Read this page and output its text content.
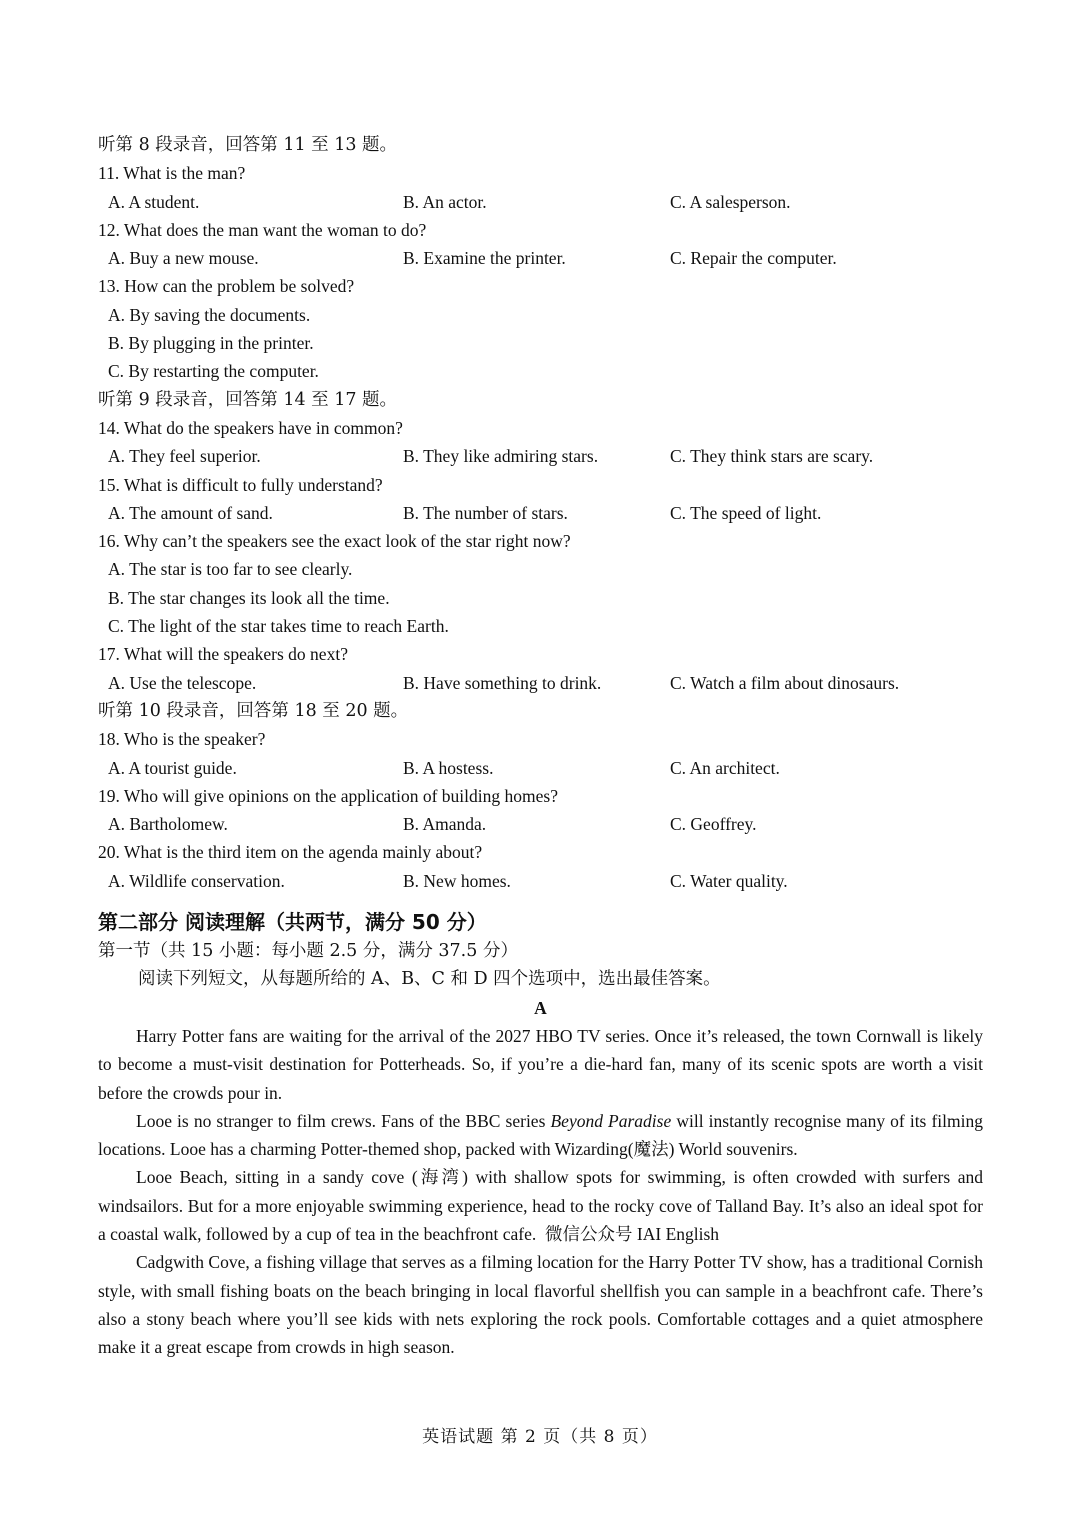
听第 8 段录音，回答第 11 至 13 题。
11. What is the man?
A. A student.	B. An actor.	C. A salesperson.
12. What does the man want the woman to do?
A. Buy a new mouse.	B. Examine the printer.	C. Repair the computer.
13. How can the problem be solved?
A. By saving the documents.
B. By plugging in the printer.
C. By restarting the computer.
听第 9 段录音，回答第 14 至 17 题。
14. What do the speakers have in common?
A. They feel superior.	B. They like admiring stars.	C. They think stars are scary.
15. What is difficult to fully understand?
A. The amount of sand.	B. The number of stars.	C. The speed of light.
16. Why can’t the speakers see the exact look of the star right now?
A. The star is too far to see clearly.
B. The star changes its look all the time.
C. The light of the star takes time to reach Earth.
17. What will the speakers do next?
A. Use the telescope.	B. Have something to drink.	C. Watch a film about dinosaurs.
听第 10 段录音，回答第 18 至 20 题。
18. Who is the speaker?
A. A tourist guide.	B. A hostess.	C. An architect.
19. Who will give opinions on the application of building homes?
A. Bartholomew.	B. Amanda.	C. Geoffrey.
20. What is the third item on the agenda mainly about?
A. Wildlife conservation.	B. New homes.	C. Water quality.
第二部分 阅读理解（共两节，满分 50 分）
第一节（共 15 小题：每小题 2.5 分，满分 37.5 分）
阅读下列短文，从每题所给的 A、B、C 和 D 四个选项中，选出最佳答案。
A

Harry Potter fans are waiting for the arrival of the 2027 HBO TV series. Once it’s released, the town Cornwall is likely to become a must-visit destination for Potterheads. So, if you’re a die-hard fan, many of its scenic spots are worth a visit before the crowds pour in.

Looe is no stranger to film crews. Fans of the BBC series Beyond Paradise will instantly recognise many of its filming locations. Looe has a charming Potter-themed shop, packed with Wizarding(魔法) World souvenirs.

Looe Beach, sitting in a sandy cove (海湾) with shallow spots for swimming, is often crowded with surfers and windsailors. But for a more enjoyable swimming experience, head to the rocky cove of Talland Bay. It’s also an ideal spot for a coastal walk, followed by a cup of tea in the beachfront cafe. 微信公众号 IAI English

Cadgwith Cove, a fishing village that serves as a filming location for the Harry Potter TV show, has a traditional Cornish style, with small fishing boats on the beach bringing in local flavorful shellfish you can sample in a beachfront cafe. There’s also a stony beach where you’ll see kids with nets exploring the rock pools. Comfortable cottages and a quiet atmosphere make it a great escape from crowds in high season.

英语试题 第 2 页（共 8 页）
